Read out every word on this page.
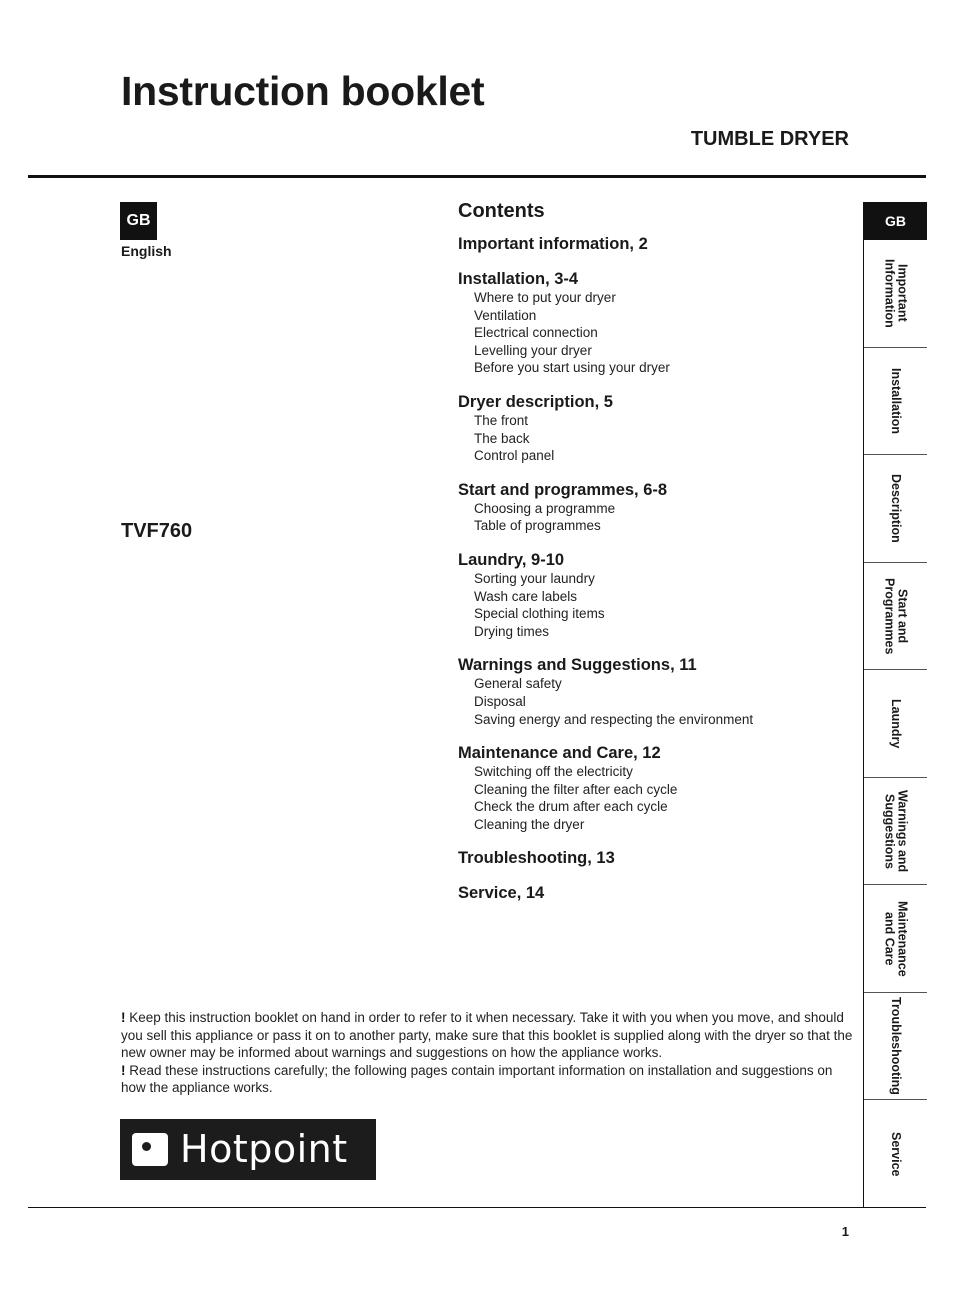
Instruction booklet
TUMBLE DRYER
GB
English
TVF760
Contents
Important information, 2
Installation, 3-4
Where to put your dryer
Ventilation
Electrical connection
Levelling your dryer
Before you start using your dryer
Dryer description, 5
The front
The back
Control panel
Start and programmes, 6-8
Choosing a programme
Table of programmes
Laundry, 9-10
Sorting your laundry
Wash care labels
Special clothing items
Drying times
Warnings and Suggestions, 11
General safety
Disposal
Saving energy and respecting the environment
Maintenance and Care, 12
Switching off the electricity
Cleaning the filter after each cycle
Check the drum after each cycle
Cleaning the dryer
Troubleshooting, 13
Service, 14

! Keep this instruction booklet on hand in order to refer to it when necessary. Take it with you when you move, and should you sell this appliance or pass it on to another party, make sure that this booklet is supplied along with the dryer so that the new owner may be informed about warnings and suggestions on how the appliance works.

! Read these instructions carefully; the following pages contain important information on installation and suggestions on how the appliance works.

Hotpoint
1
GB
Important
Information
Installation
Description
Start and
Programmes
Laundry
Warnings and
Suggestions
Maintenance
and Care
Troubleshooting
Service
